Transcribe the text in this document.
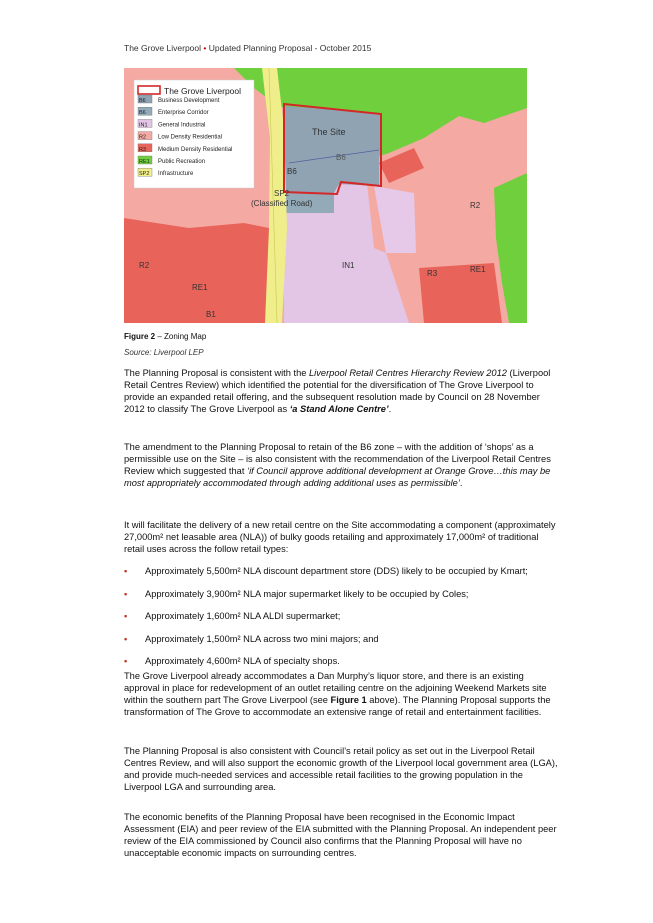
The Grove Liverpool • Updated Planning Proposal - October 2015
The Site
B6
B6
SP2
(Classified Road)
IN1
R2
R2
R3	RE1
RE1
B1
The Grove Liverpool
B6 Business Development
B6 Enterprise Corridor
IN1 General Industrial
R2 Low Density Residential
R3 Medium Density Residential
RE1 Public Recreation
SP2 Infrastructure
Figure 2 – Zoning Map
Source: Liverpool LEP

The Planning Proposal is consistent with the Liverpool Retail Centres Hierarchy Review 2012 (Liverpool Retail Centres Review) which identified the potential for the diversification of The Grove Liverpool to provide an expanded retail offering, and the subsequent resolution made by Council on 28 November 2012 to classify The Grove Liverpool as ‘a Stand Alone Centre’.

The amendment to the Planning Proposal to retain of the B6 zone – with the addition of ‘shops’ as a permissible use on the Site – is also consistent with the recommendation of the Liverpool Retail Centres Review which suggested that ‘if Council approve additional development at Orange Grove…this may be most appropriately accommodated through adding additional uses as permissible’.

It will facilitate the delivery of a new retail centre on the Site accommodating a component (approximately 27,000m² net leasable area (NLA)) of bulky goods retailing and approximately 17,000m² of traditional retail uses across the follow retail types:

• Approximately 5,500m² NLA discount department store (DDS) likely to be occupied by Kmart;
• Approximately 3,900m² NLA major supermarket likely to be occupied by Coles;
• Approximately 1,600m² NLA ALDI supermarket;
• Approximately 1,500m² NLA across two mini majors; and
• Approximately 4,600m² NLA of specialty shops.

The Grove Liverpool already accommodates a Dan Murphy’s liquor store, and there is an existing approval in place for redevelopment of an outlet retailing centre on the adjoining Weekend Markets site within the southern part The Grove Liverpool (see Figure 1 above). The Planning Proposal supports the transformation of The Grove to accommodate an extensive range of retail and entertainment facilities.

The Planning Proposal is also consistent with Council’s retail policy as set out in the Liverpool Retail Centres Review, and will also support the economic growth of the Liverpool local government area (LGA), and provide much-needed services and accessible retail facilities to the growing population in the Liverpool LGA and surrounding area.

The economic benefits of the Planning Proposal have been recognised in the Economic Impact Assessment (EIA) and peer review of the EIA submitted with the Planning Proposal. An independent peer review of the EIA commissioned by Council also confirms that the Planning Proposal will have no unacceptable economic impacts on surrounding centres.
